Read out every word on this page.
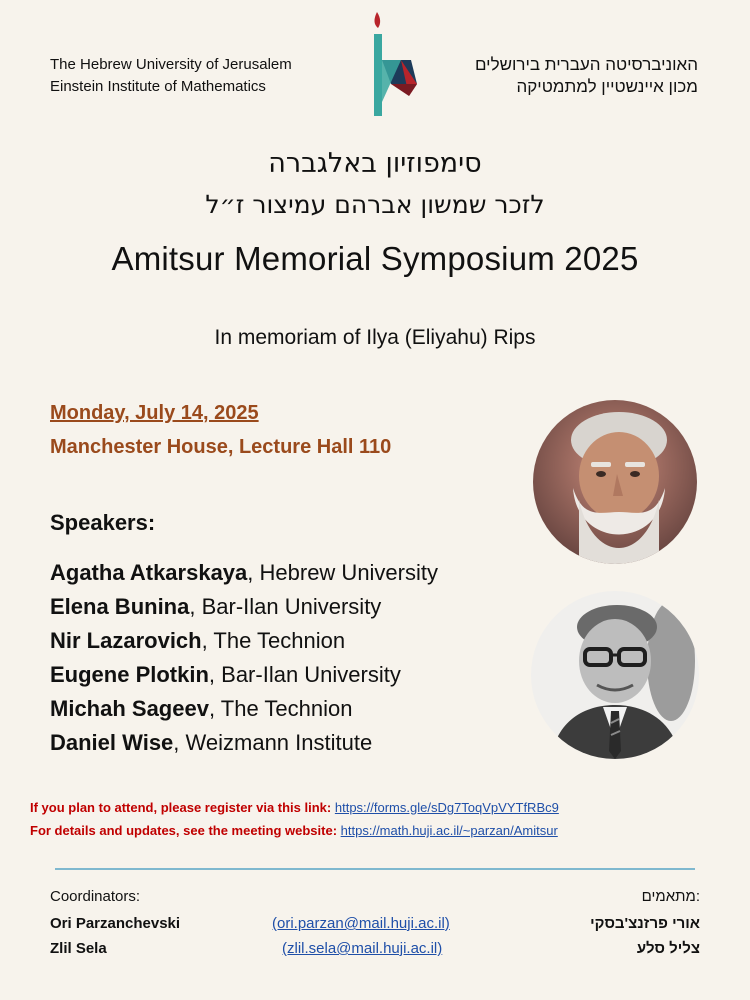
The Hebrew University of Jerusalem
Einstein Institute of Mathematics
האוניברסיטה העברית בירושלים
מכון איינשטיין למתמטיקה
סימפוזיון באלגברה
לזכר שמשון אברהם עמיצור ז״ל
Amitsur Memorial Symposium 2025
In memoriam of Ilya (Eliyahu) Rips
Monday, July 14, 2025
Manchester House, Lecture Hall 110
Speakers:
Agatha Atkarskaya, Hebrew University
Elena Bunina, Bar-Ilan University
Nir Lazarovich, The Technion
Eugene Plotkin, Bar-Ilan University
Michah Sageev, The Technion
Daniel Wise, Weizmann Institute
If you plan to attend, please register via this link: https://forms.gle/sDg7ToqVpVYTfRBc9
For details and updates, see the meeting website: https://math.huji.ac.il/~parzan/Amitsur
Coordinators:
Ori Parzanchevski
Zlil Sela
(ori.parzan@mail.huji.ac.il)
(zlil.sela@mail.huji.ac.il)
:מתאמים
אורי פרזנצ'בסקי
צליל סלע
